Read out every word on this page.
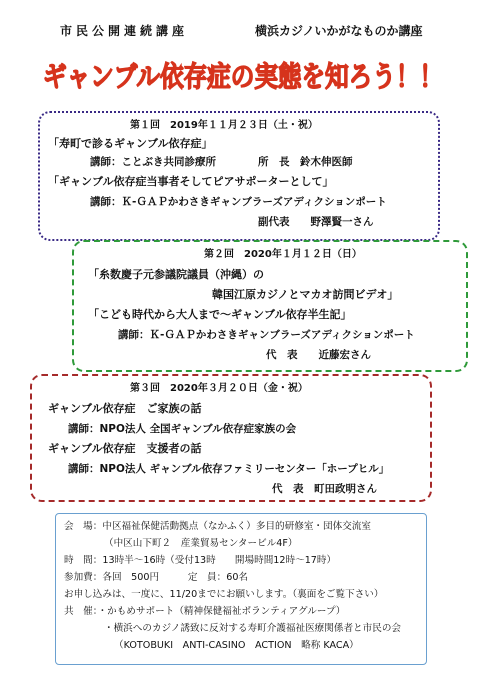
市民公開連続講座	横浜カジノいかがなものか講座
ギャンブル依存症の実態を知ろう！！
第１回　2019年１１月２３日（土・祝）
「寿町で診るギャンブル依存症」
講師：ことぶき共同診療所　　　　所　長　鈴木伸医師
「ギャンブル依存症当事者そしてピアサポーターとして」
講師：Ｋ-ＧＡＰかわさきギャンブラーズアディクションポート
副代表　　野澤賢一さん
第２回　2020年１月１２日（日）
「糸数慶子元参議院議員（沖縄）の
韓国江原カジノとマカオ訪問ビデオ」
「こども時代から大人まで〜ギャンブル依存半生記」
講師：Ｋ-ＧＡＰかわさきギャンブラーズアディクションポート
代　表　　近藤宏さん
第３回　2020年３月２０日（金・祝）
ギャンブル依存症　ご家族の話
講師：NPO法人 全国ギャンブル依存症家族の会
ギャンブル依存症　支援者の話
講師：NPO法人 ギャンブル依存ファミリーセンター「ホープヒル」
代　表　町田政明さん
会　場：中区福祉保健活動拠点（なかふく）多目的研修室・団体交流室
（中区山下町２　産業貿易センタービル4F）
時　間：13時半〜16時（受付13時　　開場時間12時〜17時）
参加費：各回　500円　　　定　員：60名
お申し込みは、一度に、11/20までにお願いします。（裏面をご覧下さい）
共　催：・かもめサポート（精神保健福祉ボランティアグループ）
・横浜へのカジノ誘致に反対する寿町介護福祉医療関係者と市民の会
（KOTOBUKI　ANTI-CASINO　ACTION　略称 KACA）
